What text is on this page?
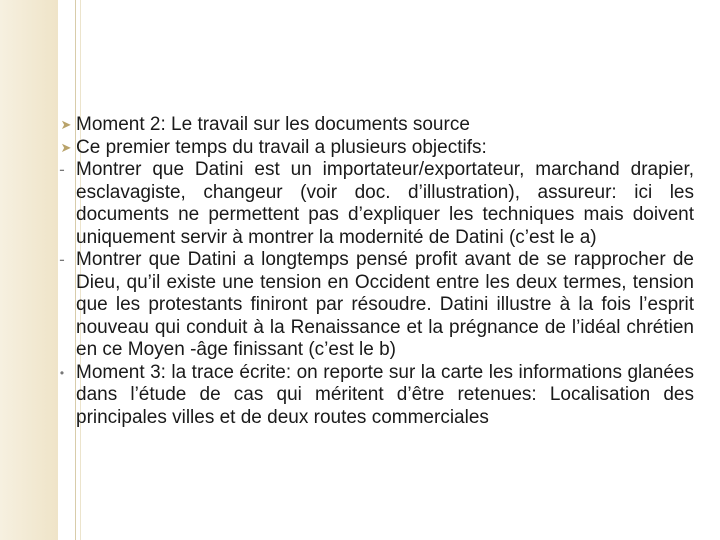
➤ Moment 2: Le travail sur les documents source
➤ Ce premier temps du travail a plusieurs objectifs:
- Montrer que Datini est un importateur/exportateur, marchand drapier, esclavagiste, changeur (voir doc. d’illustration), assureur: ici les documents ne permettent pas d’expliquer les techniques mais doivent uniquement servir à montrer la modernité de Datini (c’est le a)
- Montrer que Datini a longtemps pensé profit avant de se rapprocher de Dieu, qu’il existe une tension en Occident entre les deux termes, tension que les protestants finiront par résoudre. Datini illustre à la fois l’esprit nouveau qui conduit à la Renaissance et la prégnance de l’idéal chrétien en ce Moyen -âge finissant (c’est le b)
• Moment 3: la trace écrite: on reporte sur la carte les informations glanées dans l’étude de cas qui méritent d’être retenues: Localisation des principales villes et de deux routes commerciales
